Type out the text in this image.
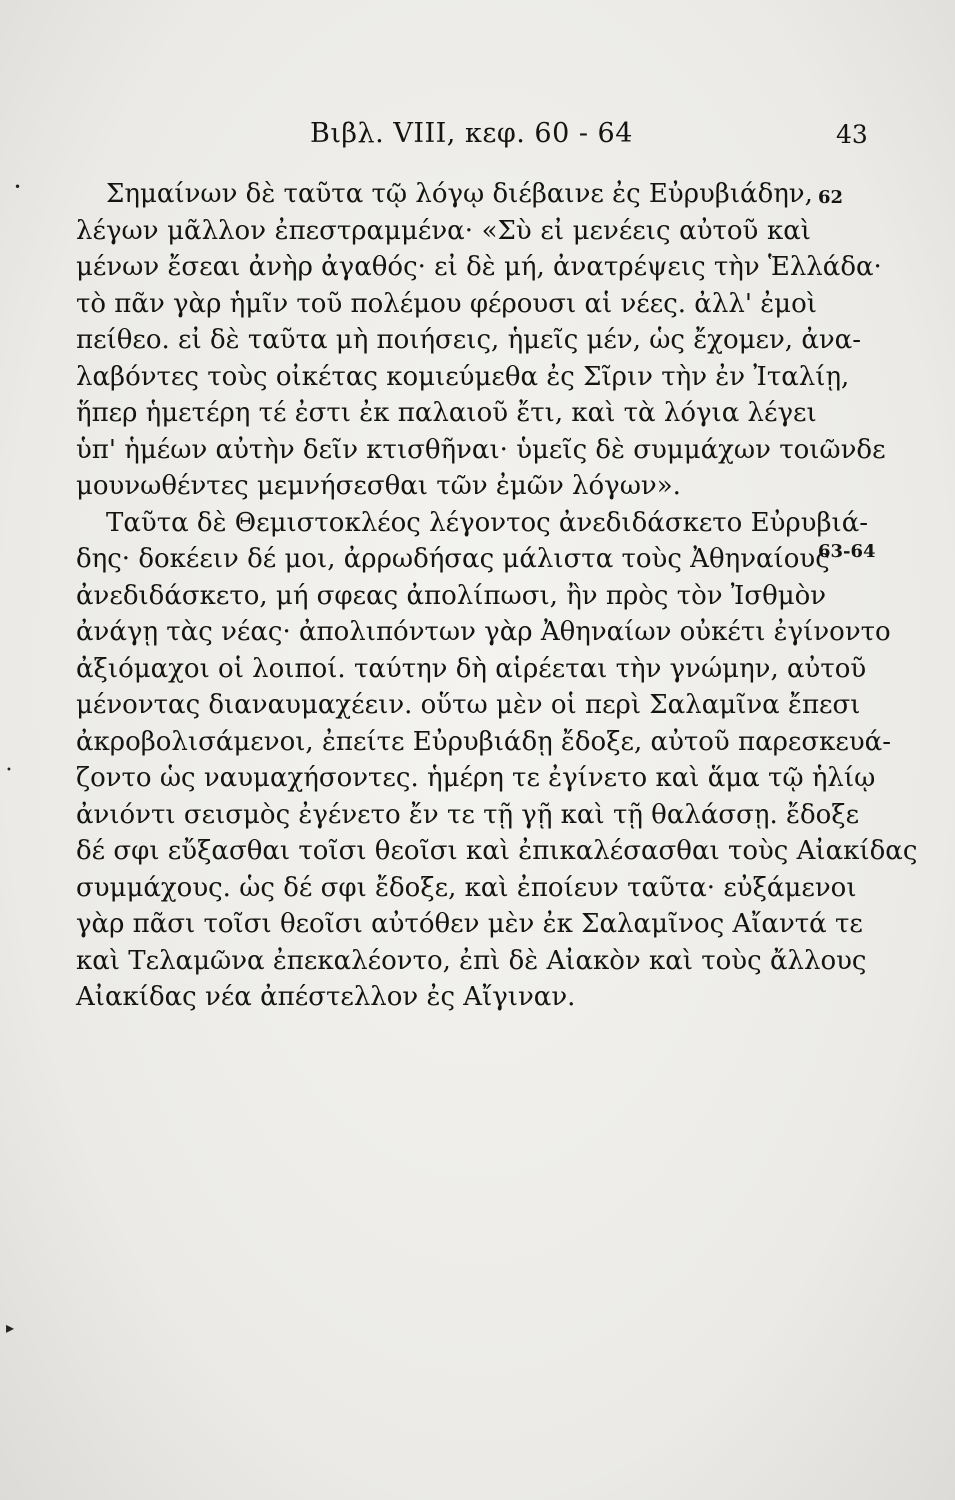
Βιβλ. VIII, κεφ. 60 - 64	43
62
63-64
Σημαίνων δὲ ταῦτα τῷ λόγῳ διέβαινε ἐς Εὐρυβιάδην,
λέγων μᾶλλον ἐπεστραμμένα· «Σὺ εἰ μενέεις αὐτοῦ καὶ
μένων ἔσεαι ἀνὴρ ἀγαθός· εἰ δὲ μή, ἀνατρέψεις τὴν Ἑλλάδα·
τὸ πᾶν γὰρ ἡμῖν τοῦ πολέμου φέρουσι αἱ νέες. ἀλλ' ἐμοὶ
πείθεο. εἰ δὲ ταῦτα μὴ ποιήσεις, ἡμεῖς μέν, ὡς ἔχομεν, ἀνα-
λαβόντες τοὺς οἰκέτας κομιεύμεθα ἐς Σῖριν τὴν ἐν Ἰταλίῃ,
ἥπερ ἡμετέρη τέ ἐστι ἐκ παλαιοῦ ἔτι, καὶ τὰ λόγια λέγει
ὑπ' ἡμέων αὐτὴν δεῖν κτισθῆναι· ὑμεῖς δὲ συμμάχων τοιῶνδε
μουνωθέντες μεμνήσεσθαι τῶν ἐμῶν λόγων».
Ταῦτα δὲ Θεμιστοκλέος λέγοντος ἀνεδιδάσκετο Εὐρυβιά-
δης· δοκέειν δέ μοι, ἀρρωδήσας μάλιστα τοὺς Ἀθηναίους
ἀνεδιδάσκετο, μή σφεας ἀπολίπωσι, ἢν πρὸς τὸν Ἰσθμὸν
ἀνάγῃ τὰς νέας· ἀπολιπόντων γὰρ Ἀθηναίων οὐκέτι ἐγίνοντο
ἀξιόμαχοι οἱ λοιποί. ταύτην δὴ αἱρέεται τὴν γνώμην, αὐτοῦ
μένοντας διαναυμαχέειν. οὕτω μὲν οἱ περὶ Σαλαμῖνα ἔπεσι
ἀκροβολισάμενοι, ἐπείτε Εὐρυβιάδῃ ἔδοξε, αὐτοῦ παρεσκευά-
ζοντο ὡς ναυμαχήσοντες. ἡμέρη τε ἐγίνετο καὶ ἅμα τῷ ἡλίῳ
ἀνιόντι σεισμὸς ἐγένετο ἔν τε τῇ γῇ καὶ τῇ θαλάσσῃ. ἔδοξε
δέ σφι εὔξασθαι τοῖσι θεοῖσι καὶ ἐπικαλέσασθαι τοὺς Αἰακίδας
συμμάχους. ὡς δέ σφι ἔδοξε, καὶ ἐποίευν ταῦτα· εὐξάμενοι
γὰρ πᾶσι τοῖσι θεοῖσι αὐτόθεν μὲν ἐκ Σαλαμῖνος Αἴαντά τε
καὶ Τελαμῶνα ἐπεκαλέοντο, ἐπὶ δὲ Αἰακὸν καὶ τοὺς ἄλλους
Αἰακίδας νέα ἀπέστελλον ἐς Αἴγιναν.
•
•
▸
